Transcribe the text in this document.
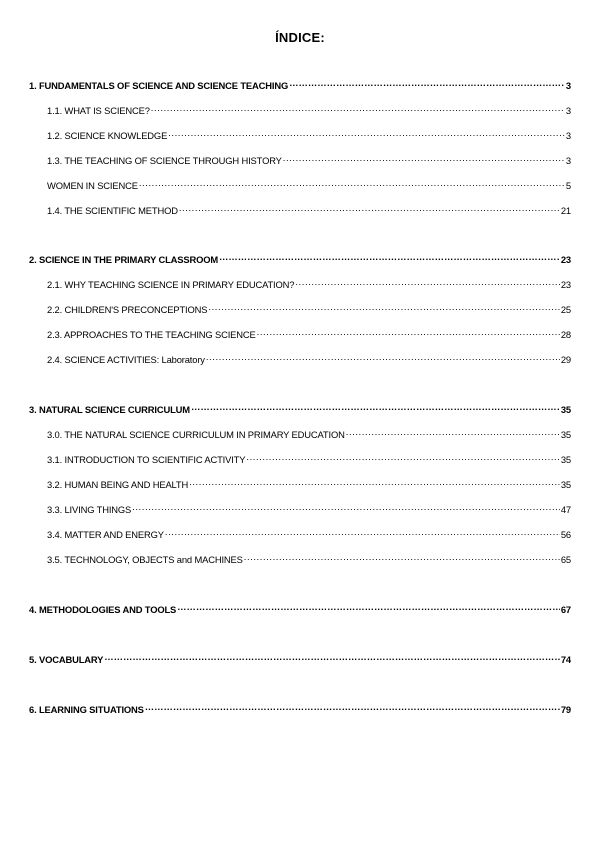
ÍNDICE:
1. FUNDAMENTALS OF SCIENCE AND SCIENCE TEACHING …………………………………………………………………………………………………………………………………………………………………………………………………………………………	3
1.1. WHAT IS SCIENCE? .....	3
1.2. SCIENCE KNOWLEDGE .....	3
1.3. THE TEACHING OF SCIENCE THROUGH HISTORY .....	3
WOMEN IN SCIENCE .....	5
1.4. THE SCIENTIFIC METHOD .....	21
2. SCIENCE IN THE PRIMARY CLASSROOM …………………………………………………………………………………………………………………………………………………………………………………………………………………………	23
2.1. WHY TEACHING SCIENCE IN PRIMARY EDUCATION? .....	23
2.2. CHILDREN'S PRECONCEPTIONS .....	25
2.3. APPROACHES TO THE TEACHING SCIENCE .....	28
2.4. SCIENCE ACTIVITIES: Laboratory .....	29
3. NATURAL SCIENCE CURRICULUM …………………………………………………………………………………………………………………………………………………………………………………………………………………………	35
3.0. THE NATURAL SCIENCE CURRICULUM IN PRIMARY EDUCATION .....	35
3.1. INTRODUCTION TO SCIENTIFIC ACTIVITY .....	35
3.2. HUMAN BEING AND HEALTH .....	35
3.3. LIVING THINGS .....	47
3.4. MATTER AND ENERGY .....	56
3.5. TECHNOLOGY, OBJECTS and MACHINES .....	65
4. METHODOLOGIES AND TOOLS …………………………………………………………………………………………………………………………………………………………………………………………………………………………	67
5. VOCABULARY …………………………………………………………………………………………………………………………………………………………………………………………………………………………	74
6. LEARNING SITUATIONS …………………………………………………………………………………………………………………………………………………………………………………………………………………………	79
